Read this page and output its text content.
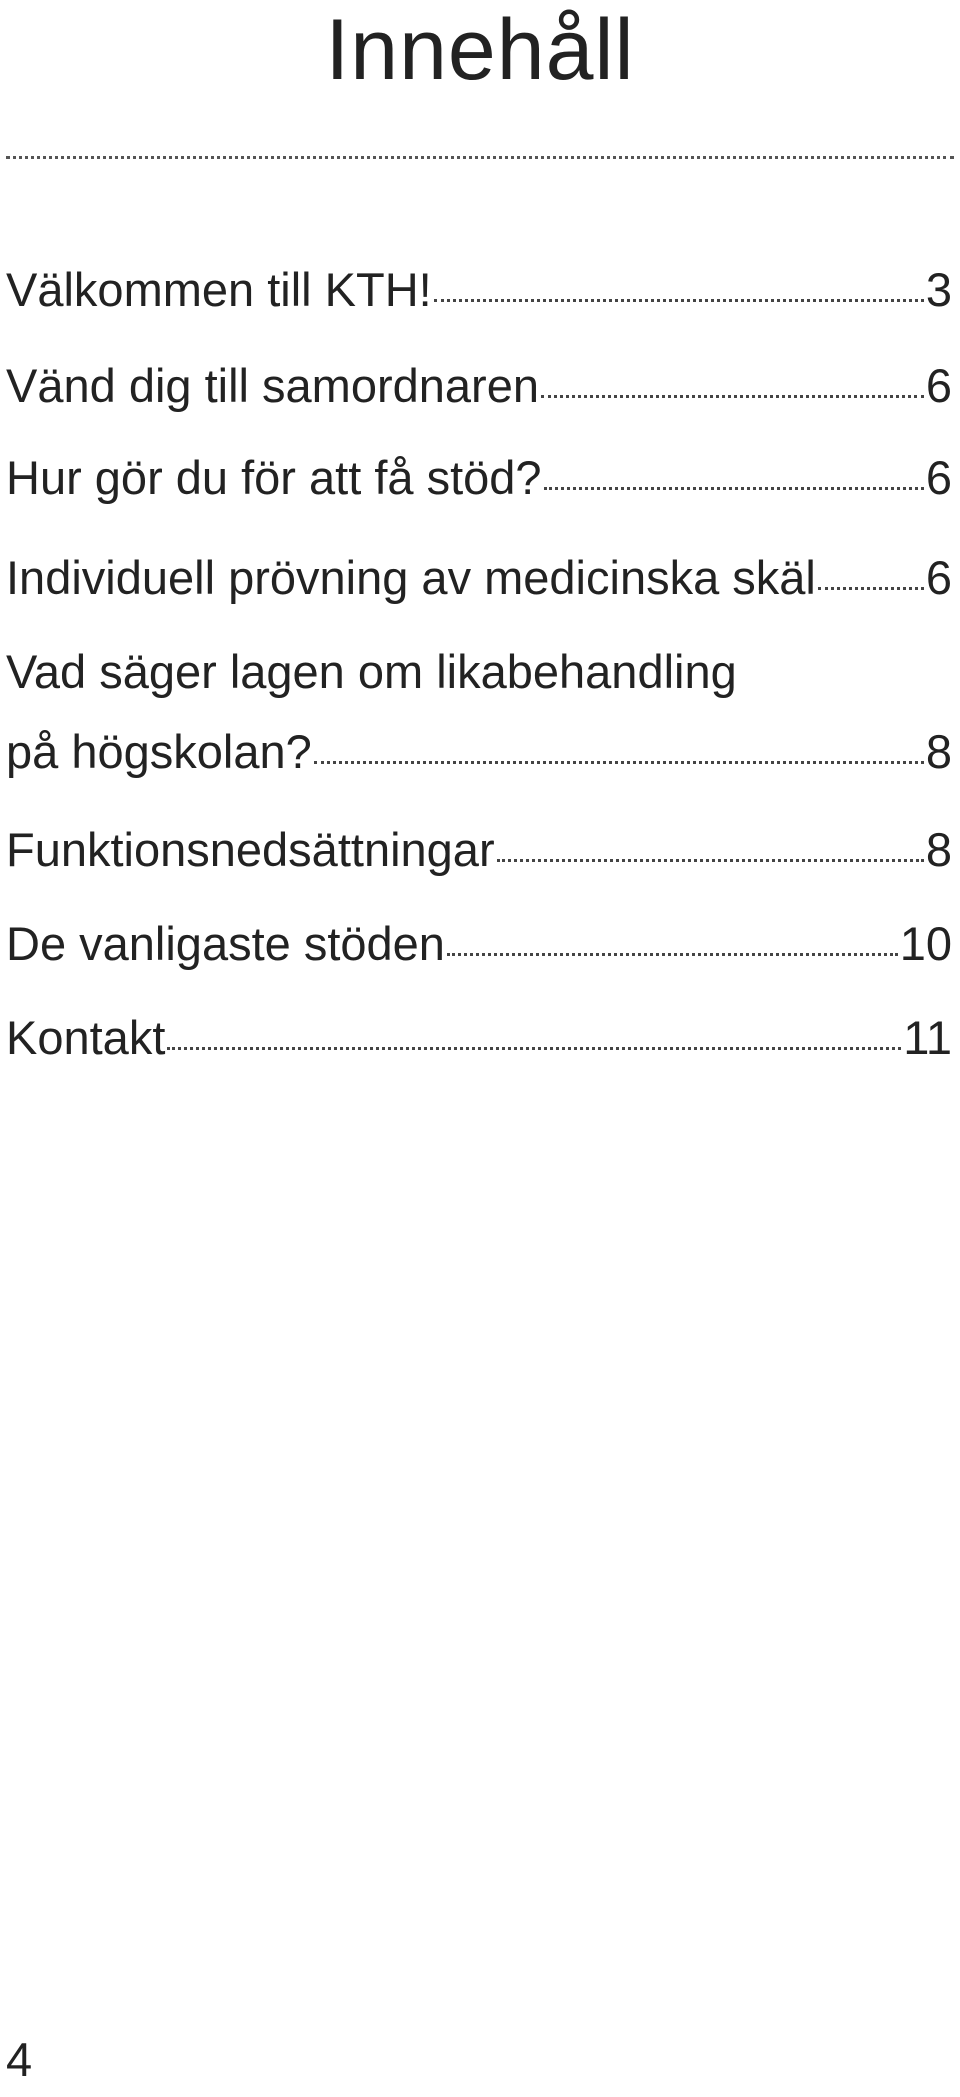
Innehåll
Välkommen till KTH!	3
Vänd dig till samordnaren	6
Hur gör du för att få stöd?	6
Individuell prövning av medicinska skäl 6
Vad säger lagen om likabehandling
på högskolan?	8
Funktionsnedsättningar	8
De vanligaste stöden	10
Kontakt	11
4
